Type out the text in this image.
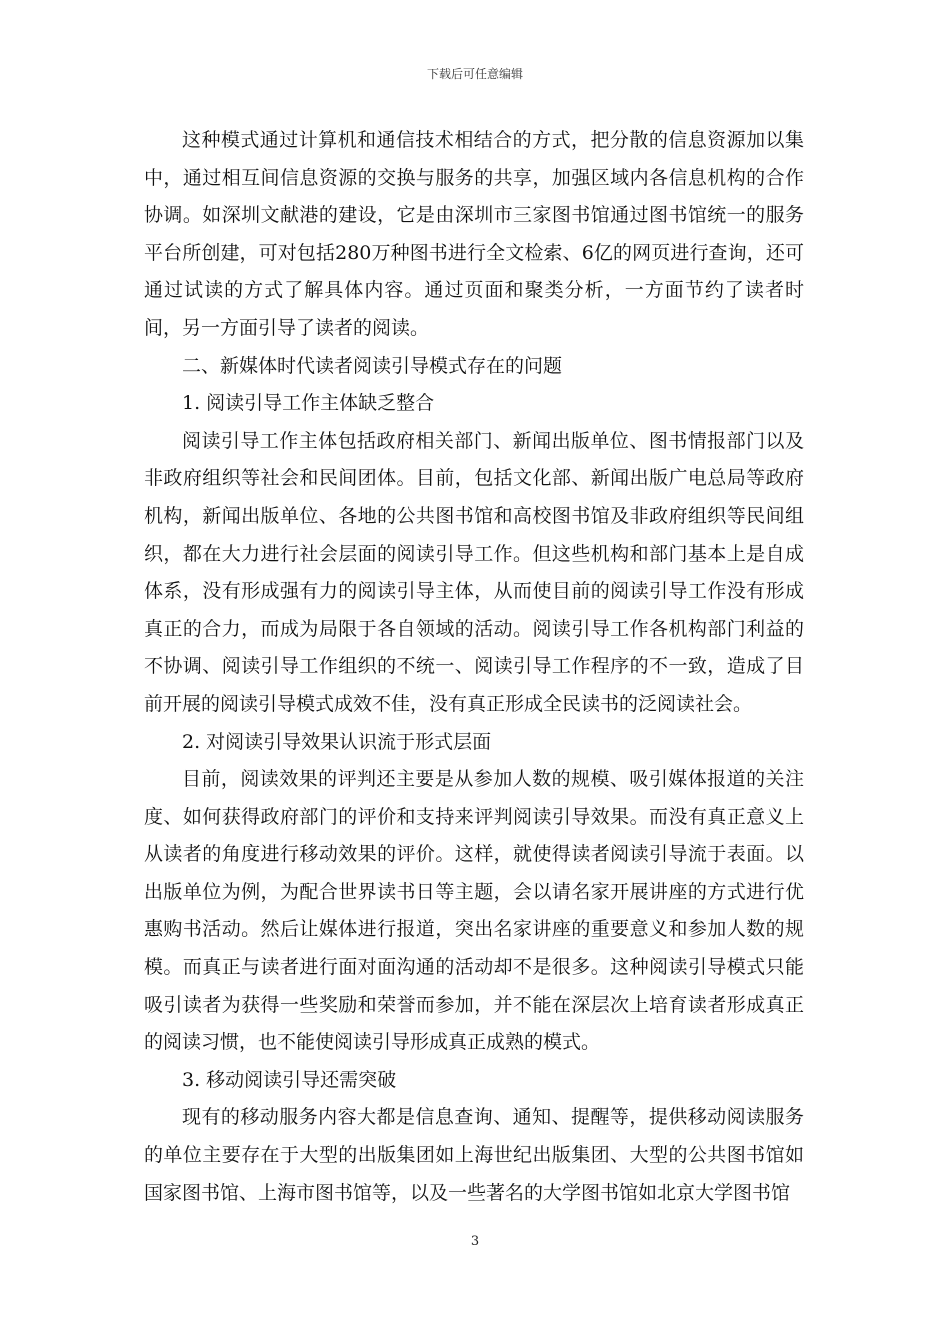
下载后可任意编辑

这种模式通过计算机和通信技术相结合的方式，把分散的信息资源加以集中，通过相互间信息资源的交换与服务的共享，加强区域内各信息机构的合作协调。如深圳文献港的建设，它是由深圳市三家图书馆通过图书馆统一的服务平台所创建，可对包括280万种图书进行全文检索、6亿的网页进行查询，还可通过试读的方式了解具体内容。通过页面和聚类分析，一方面节约了读者时间，另一方面引导了读者的阅读。

二、新媒体时代读者阅读引导模式存在的问题

1. 阅读引导工作主体缺乏整合

阅读引导工作主体包括政府相关部门、新闻出版单位、图书情报部门以及非政府组织等社会和民间团体。目前，包括文化部、新闻出版广电总局等政府机构，新闻出版单位、各地的公共图书馆和高校图书馆及非政府组织等民间组织，都在大力进行社会层面的阅读引导工作。但这些机构和部门基本上是自成体系，没有形成强有力的阅读引导主体，从而使目前的阅读引导工作没有形成真正的合力，而成为局限于各自领域的活动。阅读引导工作各机构部门利益的不协调、阅读引导工作组织的不统一、阅读引导工作程序的不一致，造成了目前开展的阅读引导模式成效不佳，没有真正形成全民读书的泛阅读社会。

2. 对阅读引导效果认识流于形式层面

目前，阅读效果的评判还主要是从参加人数的规模、吸引媒体报道的关注度、如何获得政府部门的评价和支持来评判阅读引导效果。而没有真正意义上从读者的角度进行移动效果的评价。这样，就使得读者阅读引导流于表面。以出版单位为例，为配合世界读书日等主题，会以请名家开展讲座的方式进行优惠购书活动。然后让媒体进行报道，突出名家讲座的重要意义和参加人数的规模。而真正与读者进行面对面沟通的活动却不是很多。这种阅读引导模式只能吸引读者为获得一些奖励和荣誉而参加，并不能在深层次上培育读者形成真正的阅读习惯，也不能使阅读引导形成真正成熟的模式。

3. 移动阅读引导还需突破

现有的移动服务内容大都是信息查询、通知、提醒等，提供移动阅读服务的单位主要存在于大型的出版集团如上海世纪出版集团、大型的公共图书馆如国家图书馆、上海市图书馆等，以及一些著名的大学图书馆如北京大学图书馆

3
